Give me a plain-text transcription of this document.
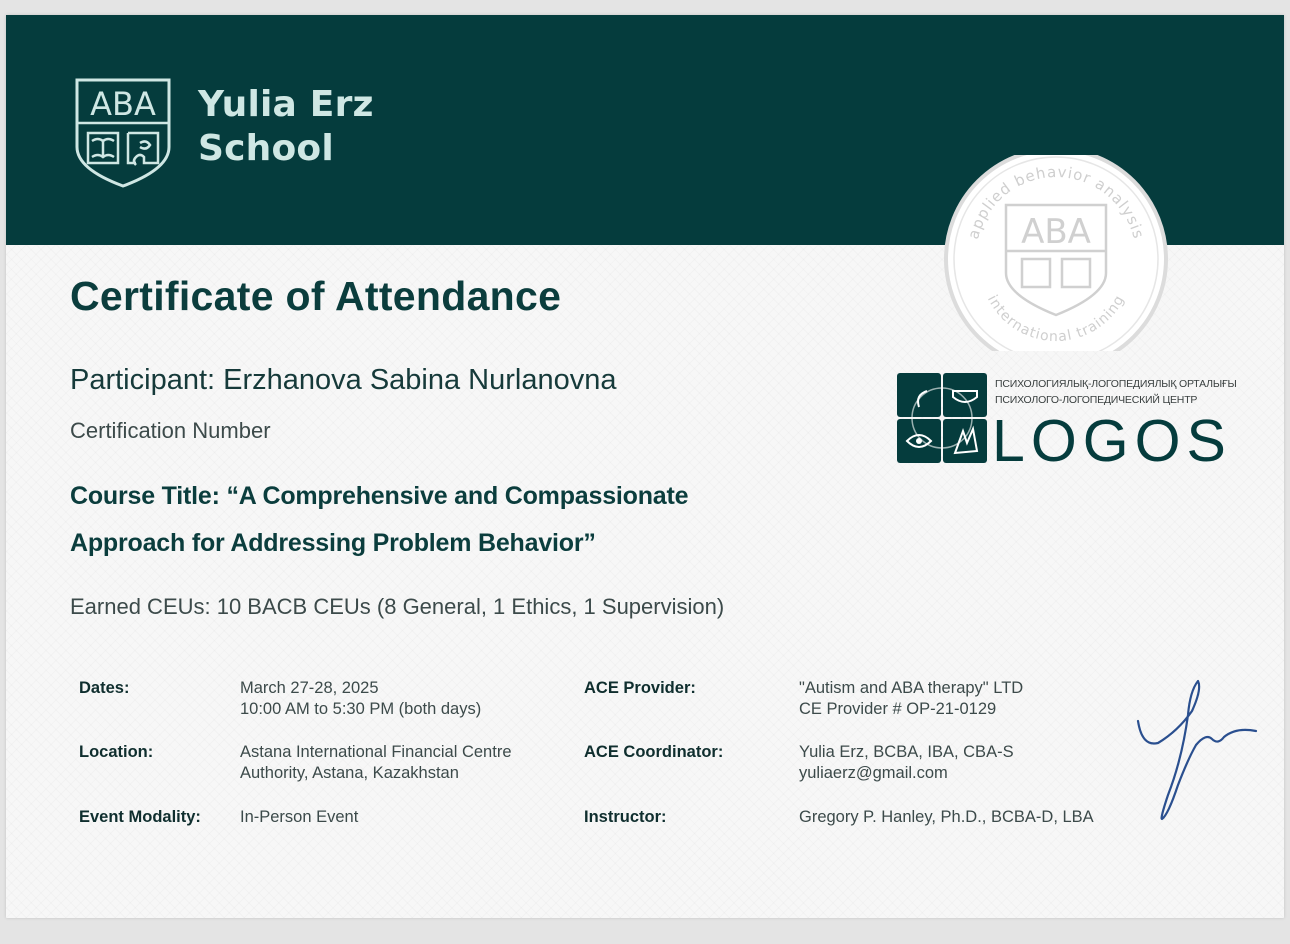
ABA Yulia Erz
School
applied behavior analysis
international training
ABA
Certificate of Attendance
Participant: Erzhanova Sabina Nurlanovna
Certification Number
Course Title: “A Comprehensive and Compassionate
Approach for Addressing Problem Behavior”
Earned CEUs: 10 BACB CEUs (8 General, 1 Ethics, 1 Supervision)
ПСИХОЛОГИЯЛЫҚ-ЛОГОПЕДИЯЛЫҚ ОРТАЛЫҒЫ
ПСИХОЛОГО-ЛОГОПЕДИЧЕСКИЙ ЦЕНТР
LOGOS
Dates:	March 27-28, 2025
10:00 AM to 5:30 PM (both days)
Location:	Astana International Financial Centre
Authority, Astana, Kazakhstan
Event Modality: In-Person Event
ACE Provider:	"Autism and ABA therapy" LTD
CE Provider # OP-21-0129
ACE Coordinator:	Yulia Erz, BCBA, IBA, CBA-S
yuliaerz@gmail.com
Instructor:	Gregory P. Hanley, Ph.D., BCBA-D, LBA
